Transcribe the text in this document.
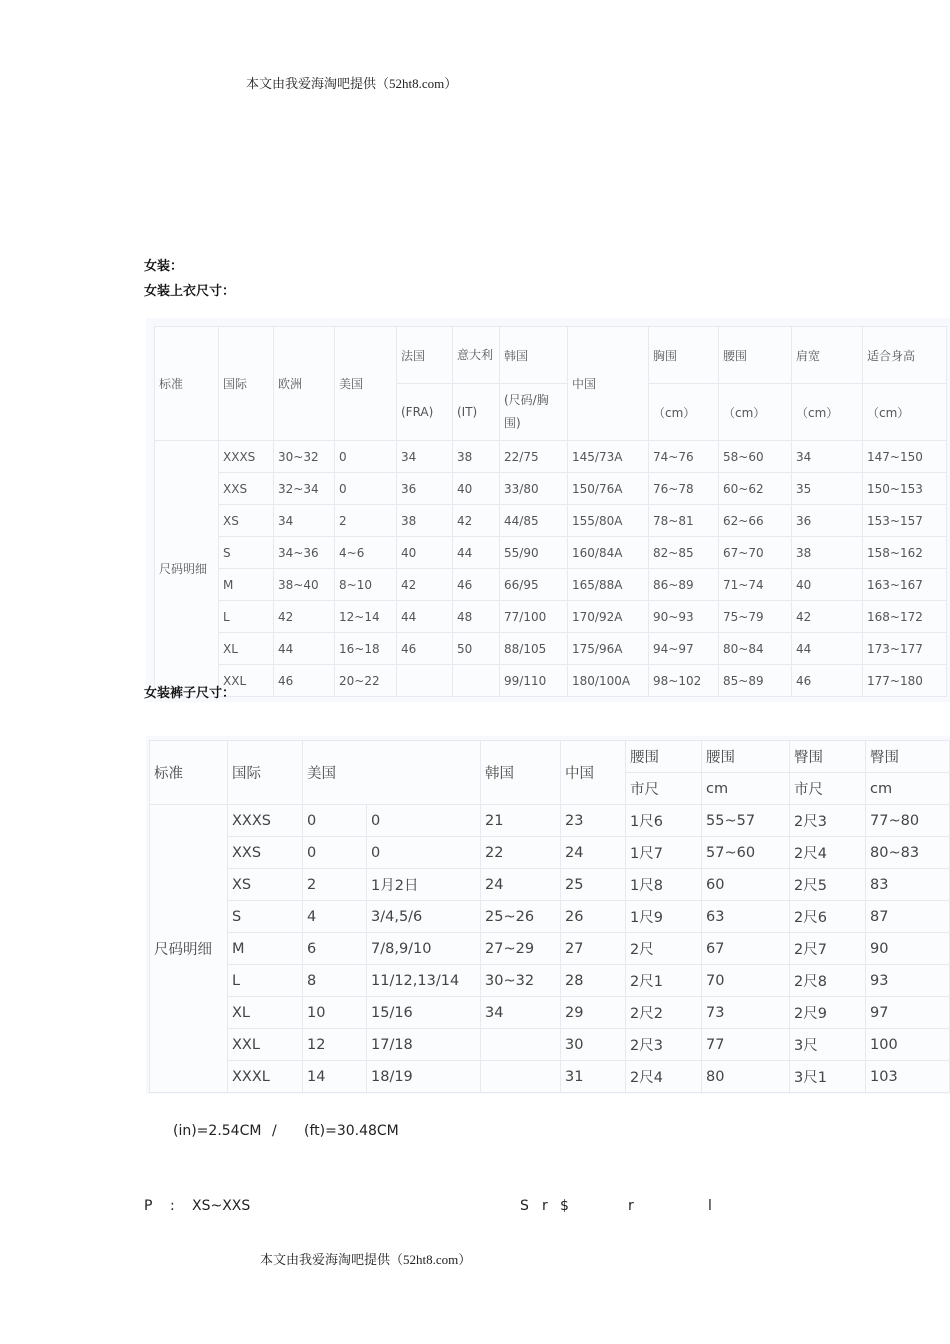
本文由我爱海淘吧提供（52ht8.com）
女装：
女装上衣尺寸：
标准	国际	欧洲	美国	法国	意大利	韩国	中国	胸围	腰围	肩宽	适合身高
				(FRA)	(IT)	(尺码/胸围)		（cm）	（cm）	（cm）	（cm）
尺码明细	XXXS	30~32	0	34	38	22/75	145/73A	74~76	58~60	34	147~150
	XXS	32~34	0	36	40	33/80	150/76A	76~78	60~62	35	150~153
	XS	34	2	38	42	44/85	155/80A	78~81	62~66	36	153~157
	S	34~36	4~6	40	44	55/90	160/84A	82~85	67~70	38	158~162
	M	38~40	8~10	42	46	66/95	165/88A	86~89	71~74	40	163~167
	L	42	12~14	44	48	77/100	170/92A	90~93	75~79	42	168~172
	XL	44	16~18	46	50	88/105	175/96A	94~97	80~84	44	173~177
	XXL	46	20~22			99/110	180/100A	98~102	85~89	46	177~180
女装裤子尺寸：
标准	国际	美国		韩国	中国	腰围	腰围	臀围	臀围
						市尺	cm	市尺	cm
尺码明细	XXXS	0	0	21	23	1尺6	55~57	2尺3	77~80
	XXS	0	0	22	24	1尺7	57~60	2尺4	80~83
	XS	2	1月2日	24	25	1尺8	60	2尺5	83
	S	4	3/4,5/6	25~26	26	1尺9	63	2尺6	87
	M	6	7/8,9/10	27~29	27	2尺	67	2尺7	90
	L	8	11/12,13/14	30~32	28	2尺1	70	2尺8	93
	XL	10	15/16	34	29	2尺2	73	2尺9	97
	XXL	12	17/18		30	2尺3	77	3尺	100
	XXXL	14	18/19		31	2尺4	80	3尺1	103
(in)=2.54CM / (ft)=30.48CM
P : XS~XXS	S r $	r	l
本文由我爱海淘吧提供（52ht8.com）
